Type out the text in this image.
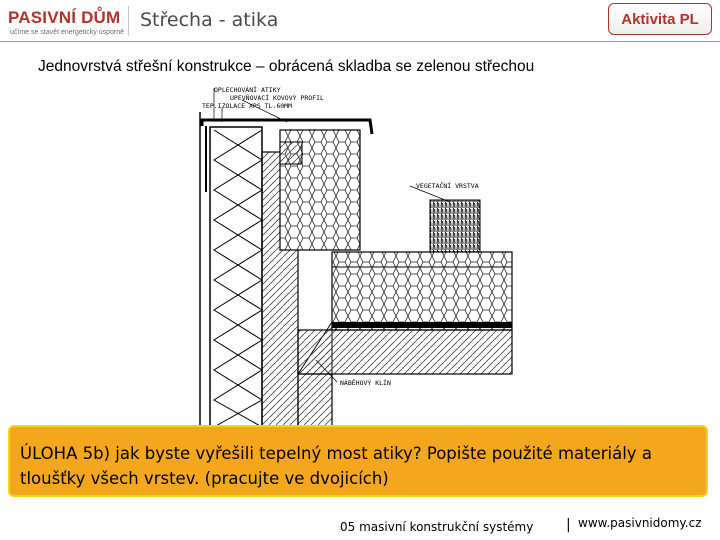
PASIVNÍ DŮM
učíme se stavět energeticky úsporně
Střecha - atika	Aktivita PL
Jednovrstvá střešní konstrukce – obrácená skladba se zelenou střechou
OPLECHOVÁNÍ ATIKY
UPEVŇOVACÍ KOVOVÝ PROFIL
TEP.IZOLACE XPS TL.60MM
VEGETAČNÍ VRSTVA
NÁBĚHOVÝ KLÍN
ÚLOHA 5b) jak byste vyřešili tepelný most atiky? Popište použité materiály a tloušťky všech vrstev. (pracujte ve dvojicích)
05 masivní konstrukční systémy | www.pasivnidomy.cz
